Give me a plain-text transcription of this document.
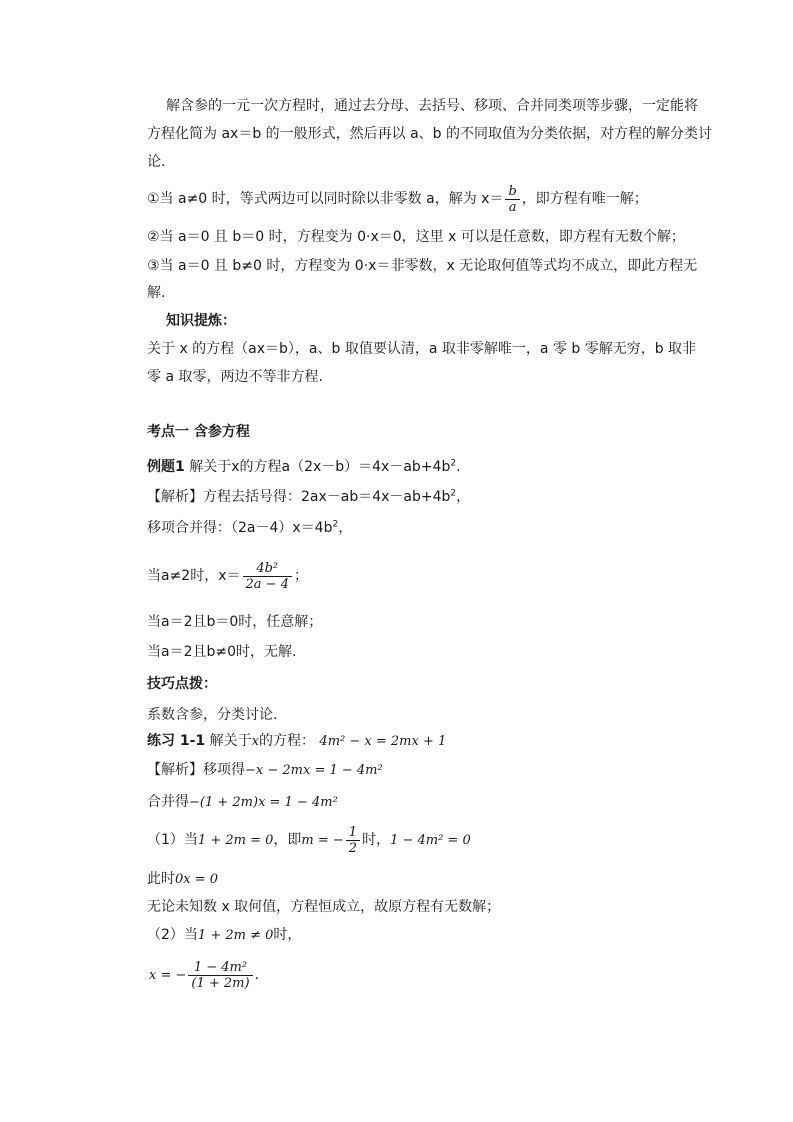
解含参的一元一次方程时，通过去分母、去括号、移项、合并同类项等步骤，一定能将
方程化简为 ax＝b 的一般形式，然后再以 a、b 的不同取值为分类依据，对方程的解分类讨
论.
①当 a≠0 时，等式两边可以同时除以非零数 a，解为 $x= \frac{b}{a}$ ，即方程有唯一解；
②当 a＝0 且 b＝0 时，方程变为 0·x＝0，这里 x 可以是任意数，即方程有无数个解；
③当 a＝0 且 b≠0 时，方程变为 0·x＝非零数，x 无论取何值等式均不成立，即此方程无
解.
知识提炼：
关于 x 的方程（ax＝b），a、b 取值要认清，a 取非零解唯一，a 零 b 零解无穷，b 取非
零 a 取零，两边不等非方程.
考点一 含参方程
例题1 解关于x的方程$a(2x-b)=4x-ab+4b^2$.
【解析】方程去括号得：$2ax-ab=4x-ab+4b^2$，
移项合并得：$(2a-4)x=4b^2$，
当a≠2时，$x= \frac{\text{4b²}}{2a - 4}$ ；
当a＝2且b＝0时，任意解；
当a＝2且b≠0时，无解.
技巧点拨：
系数含参，分类讨论.
练习 1-1 解关于x的方程： 4m² − x = 2mx + 1
【解析】移项得−x − 2mx = 1 − 4m²
合并得−(1 + 2m)x = 1 − 4m²
（1）当1 + 2m = 0，即m = − $\frac{1}{2}$ 时，1 − 4m² = 0
此时0x = 0
无论未知数 x 取何值，方程恒成立，故原方程有无数解；
（2）当1 + 2m ≠ 0时，
x = − $\frac{\text{1 − 4m²}}{(1 + 2m)}$ .
